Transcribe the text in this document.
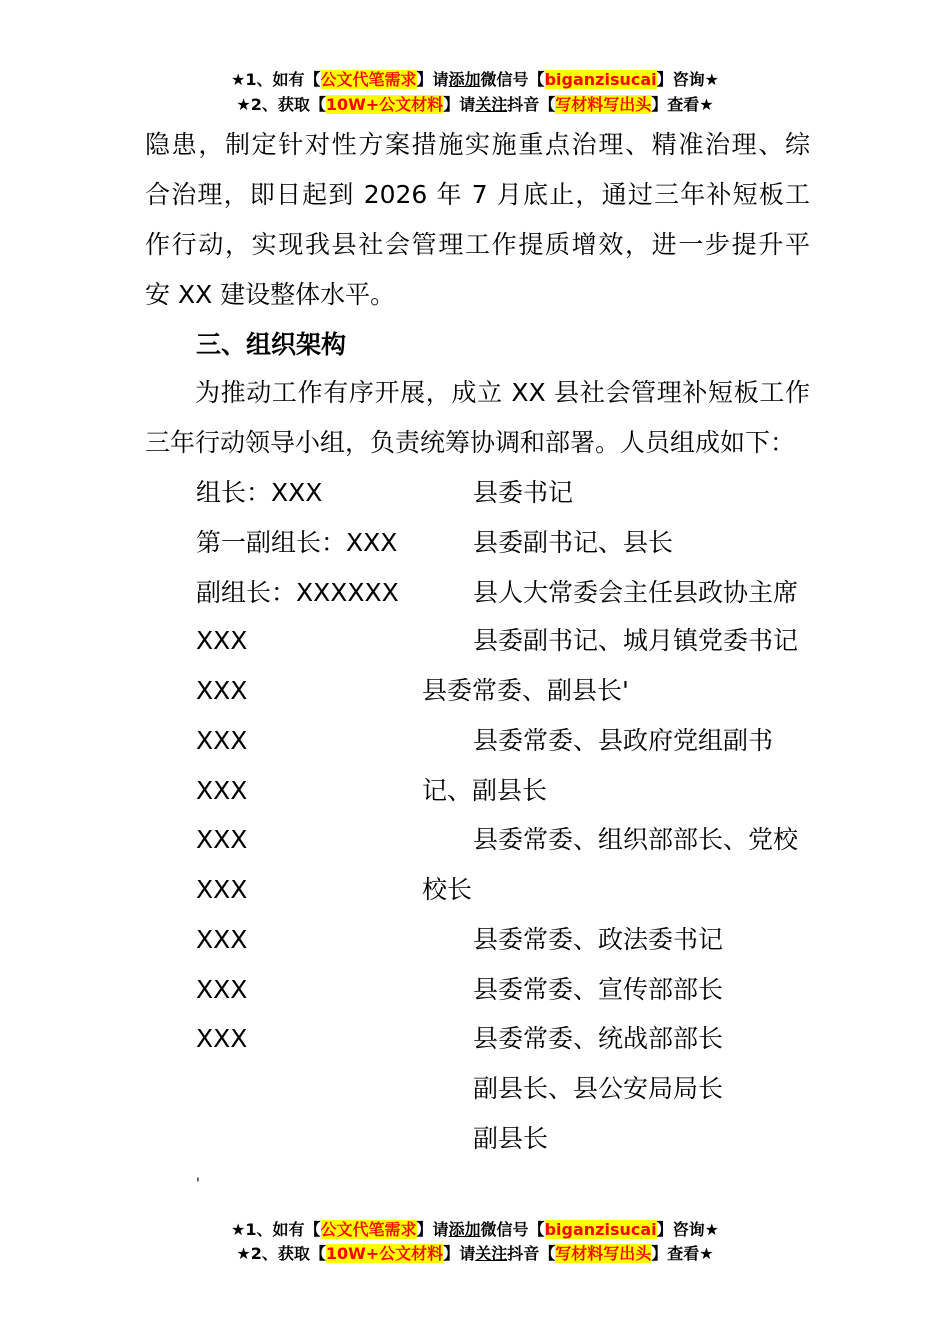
★1、如有【公文代笔需求】请添加微信号【biganzisucai】咨询★
★2、获取【10W+公文材料】请关注抖音【写材料写出头】查看★
隐患，制定针对性方案措施实施重点治理、精准治理、综
合治理，即日起到 2026 年 7 月底止，通过三年补短板工
作行动，实现我县社会管理工作提质增效，进一步提升平
安 XX 建设整体水平。
三、组织架构
为推动工作有序开展，成立 XX 县社会管理补短板工作
三年行动领导小组，负责统筹协调和部署。人员组成如下：
组长：XXX
第一副组长：XXX
副组长：XXXXXX
XXX
XXX
XXX
XXX
XXX
XXX
XXX
XXX
XXX
县委书记
县委副书记、县长
县人大常委会主任县政协主席
县委副书记、城月镇党委书记
县委常委、副县长'
县委常委、县政府党组副书
记、副县长
县委常委、组织部部长、党校
校长
县委常委、政法委书记
县委常委、宣传部部长
县委常委、统战部部长
副县长、县公安局局长
副县长
'
★1、如有【公文代笔需求】请添加微信号【biganzisucai】咨询★
★2、获取【10W+公文材料】请关注抖音【写材料写出头】查看★
